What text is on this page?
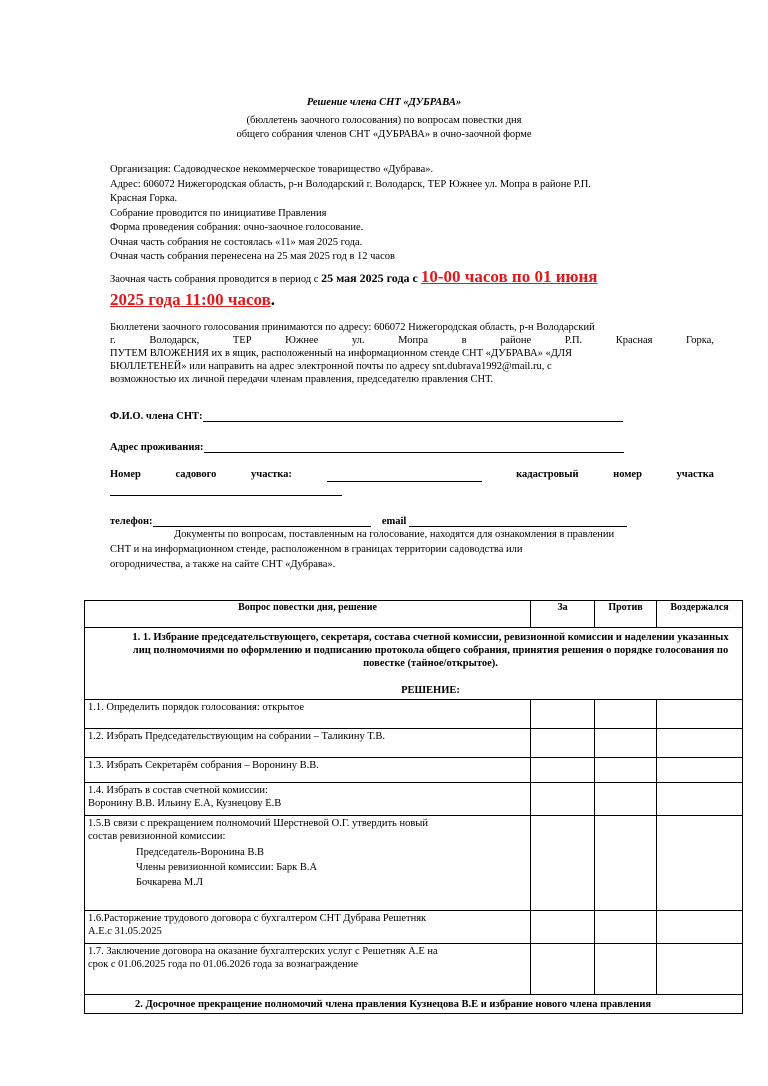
Решение члена СНТ «ДУБРАВА»
(бюллетень заочного голосования) по вопросам повестки дня
общего собрания членов СНТ «ДУБРАВА» в очно-заочной форме
Организация: Садоводческое некоммерческое товарищество «Дубрава».
Адрес: 606072 Нижегородская область, р-н Володарский г. Володарск, ТЕР Южнее ул. Мопра в районе Р.П.
Красная Горка.
Собрание проводится по инициативе Правления
Форма проведения собрания: очно-заочное голосование.
Очная часть собрания не состоялась «11» мая 2025 года.
Очная часть собрания перенесена на 25 мая 2025 год в 12 часов
Заочная часть собрания проводится в период с 25 мая 2025 года с 10-00 часов по 01 июня
2025 года 11:00 часов.
Бюллетени заочного голосования принимаются по адресу: 606072 Нижегородская область, р-н Володарский
г.	Володарск,	ТЕР	Южнее	ул.	Мопра	в	районе	Р.П.	Красная	Горка,
ПУТЕМ ВЛОЖЕНИЯ их в ящик, расположенный на информационном стенде СНТ «ДУБРАВА» «ДЛЯ
БЮЛЛЕТЕНЕЙ» или направить на адрес электронной почты по адресу snt.dubrava1992@mail.ru, с
возможностью их личной передачи членам правления, председателю правления СНТ.
Ф.И.О. члена СНТ:
Адрес проживания:
Номер	садового	участка:	кадастровый	номер	участка
телефон:	email
Документы по вопросам, поставленным на голосование, находятся для ознакомления в правлении
СНТ и на информационном стенде, расположенном в границах территории садоводства или
огородничества, а также на сайте СНТ «Дубрава».
Вопрос повестки дня, решение	За	Против	Воздержался

1. 1. Избрание председательствующего, секретаря, состава счетной комиссии, ревизионной комиссии и наделении указанных лиц полномочиями по оформлению и подписанию протокола общего собрания, принятия решения о порядке голосования по повестке (тайное/открытое).
РЕШЕНИЕ:			

1.1. Определить порядок голосования: открытое			

1.2. Избрать Председательствующим на собрании – Таликину Т.В.			

1.3. Избрать Секретарём собрания – Воронину В.В.			

1.4. Избрать в состав счетной комиссии:
Воронину В.В. Ильину Е.А, Кузнецову Е.В			

1.5.В связи с прекращением полномочий Шерстневой О.Г. утвердить новый
состав ревизионной комиссии:
Председатель-Воронина В.В
Члены ревизионной комиссии: Барк В.А
Бочкарева М.Л			

1.6.Расторжение трудового договора с бухгалтером СНТ Дубрава Решетняк
А.Е.с 31.05.2025			

1.7. Заключение договора на оказание бухгалтерских услуг с Решетняк А.Е на
срок с 01.06.2025 года по 01.06.2026 года за вознаграждение			

2. Досрочное прекращение полномочий члена правления Кузнецова В.Е и избрание нового члена правления			
